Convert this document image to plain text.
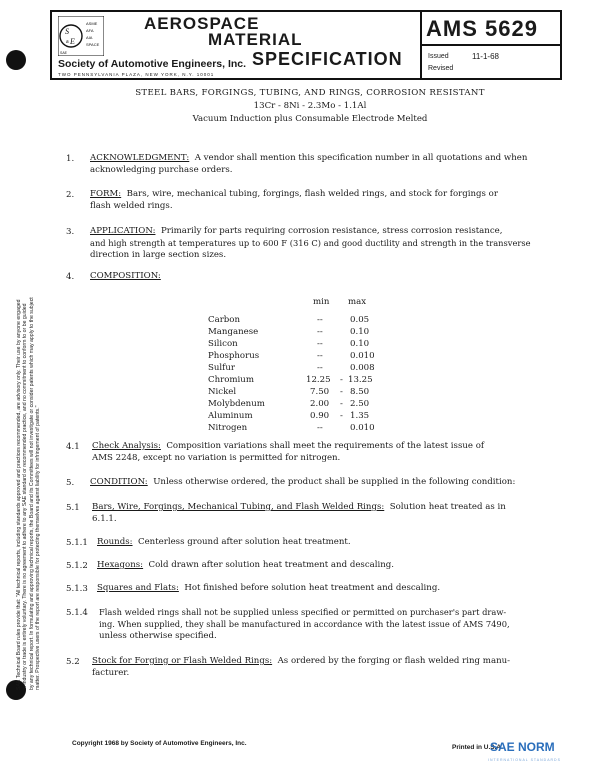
SAE Technical Board rules provide that: "All technical reports, including standards approved and practices recommended, are advisory only. Their use by anyone engaged in industry or trade is entirely voluntary. There is no agreement to adhere to any SAE standard or recommended practice, and no commitment to conform to or be guided by any technical report. In formulating and approving technical reports, the Board and its Committees will not investigate or consider patents which may apply to the subject matter. Prospective users of the report are responsible for protecting themselves against liability for infringement of patents."
S
E
a
ASME
AFA
AIA
SPACE
SAE
Society of Automotive Engineers, Inc.
TWO PENNSYLVANIA PLAZA, NEW YORK, N.Y. 10001
AEROSPACE
MATERIAL
SPECIFICATION
AMS 5629
Issued	11-1-68
Revised
STEEL BARS, FORGINGS, TUBING, AND RINGS, CORROSION RESISTANT
13Cr - 8Ni - 2.3Mo - 1.1Al
Vacuum Induction plus Consumable Electrode Melted
1. ACKNOWLEDGMENT: A vendor shall mention this specification number in all quotations and when
acknowledging purchase orders.
2. FORM: Bars, wire, mechanical tubing, forgings, flash welded rings, and stock for forgings or
flash welded rings.
3. APPLICATION: Primarily for parts requiring corrosion resistance, stress corrosion resistance,
and high strength at temperatures up to 600 F (316 C) and good ductility and strength in the transverse
direction in large section sizes.
4. COMPOSITION:
min max
Carbon	--	0.05
Manganese	--	0.10
Silicon	--	0.10
Phosphorus	--	0.010
Sulfur	--	0.008
Chromium	12.25 - 13.25
Nickel	7.50 - 8.50
Molybdenum	2.00 - 2.50
Aluminum	0.90 - 1.35
Nitrogen	--	0.010
4.1 Check Analysis: Composition variations shall meet the requirements of the latest issue of
AMS 2248, except no variation is permitted for nitrogen.
5. CONDITION: Unless otherwise ordered, the product shall be supplied in the following condition:
5.1 Bars, Wire, Forgings, Mechanical Tubing, and Flash Welded Rings: Solution heat treated as in
6.1.1.
5.1.1 Rounds: Centerless ground after solution heat treatment.
5.1.2 Hexagons: Cold drawn after solution heat treatment and descaling.
5.1.3 Squares and Flats: Hot finished before solution heat treatment and descaling.
5.1.4 Flash welded rings shall not be supplied unless specified or permitted on purchaser's part draw-
ing. When supplied, they shall be manufactured in accordance with the latest issue of AMS 7490,
unless otherwise specified.
5.2 Stock for Forging or Flash Welded Rings: As ordered by the forging or flash welded ring manu-
facturer.
Copyright 1968 by Society of Automotive Engineers, Inc.
Printed in U.S.A.
SAE NORM
INTERNATIONAL STANDARDS
